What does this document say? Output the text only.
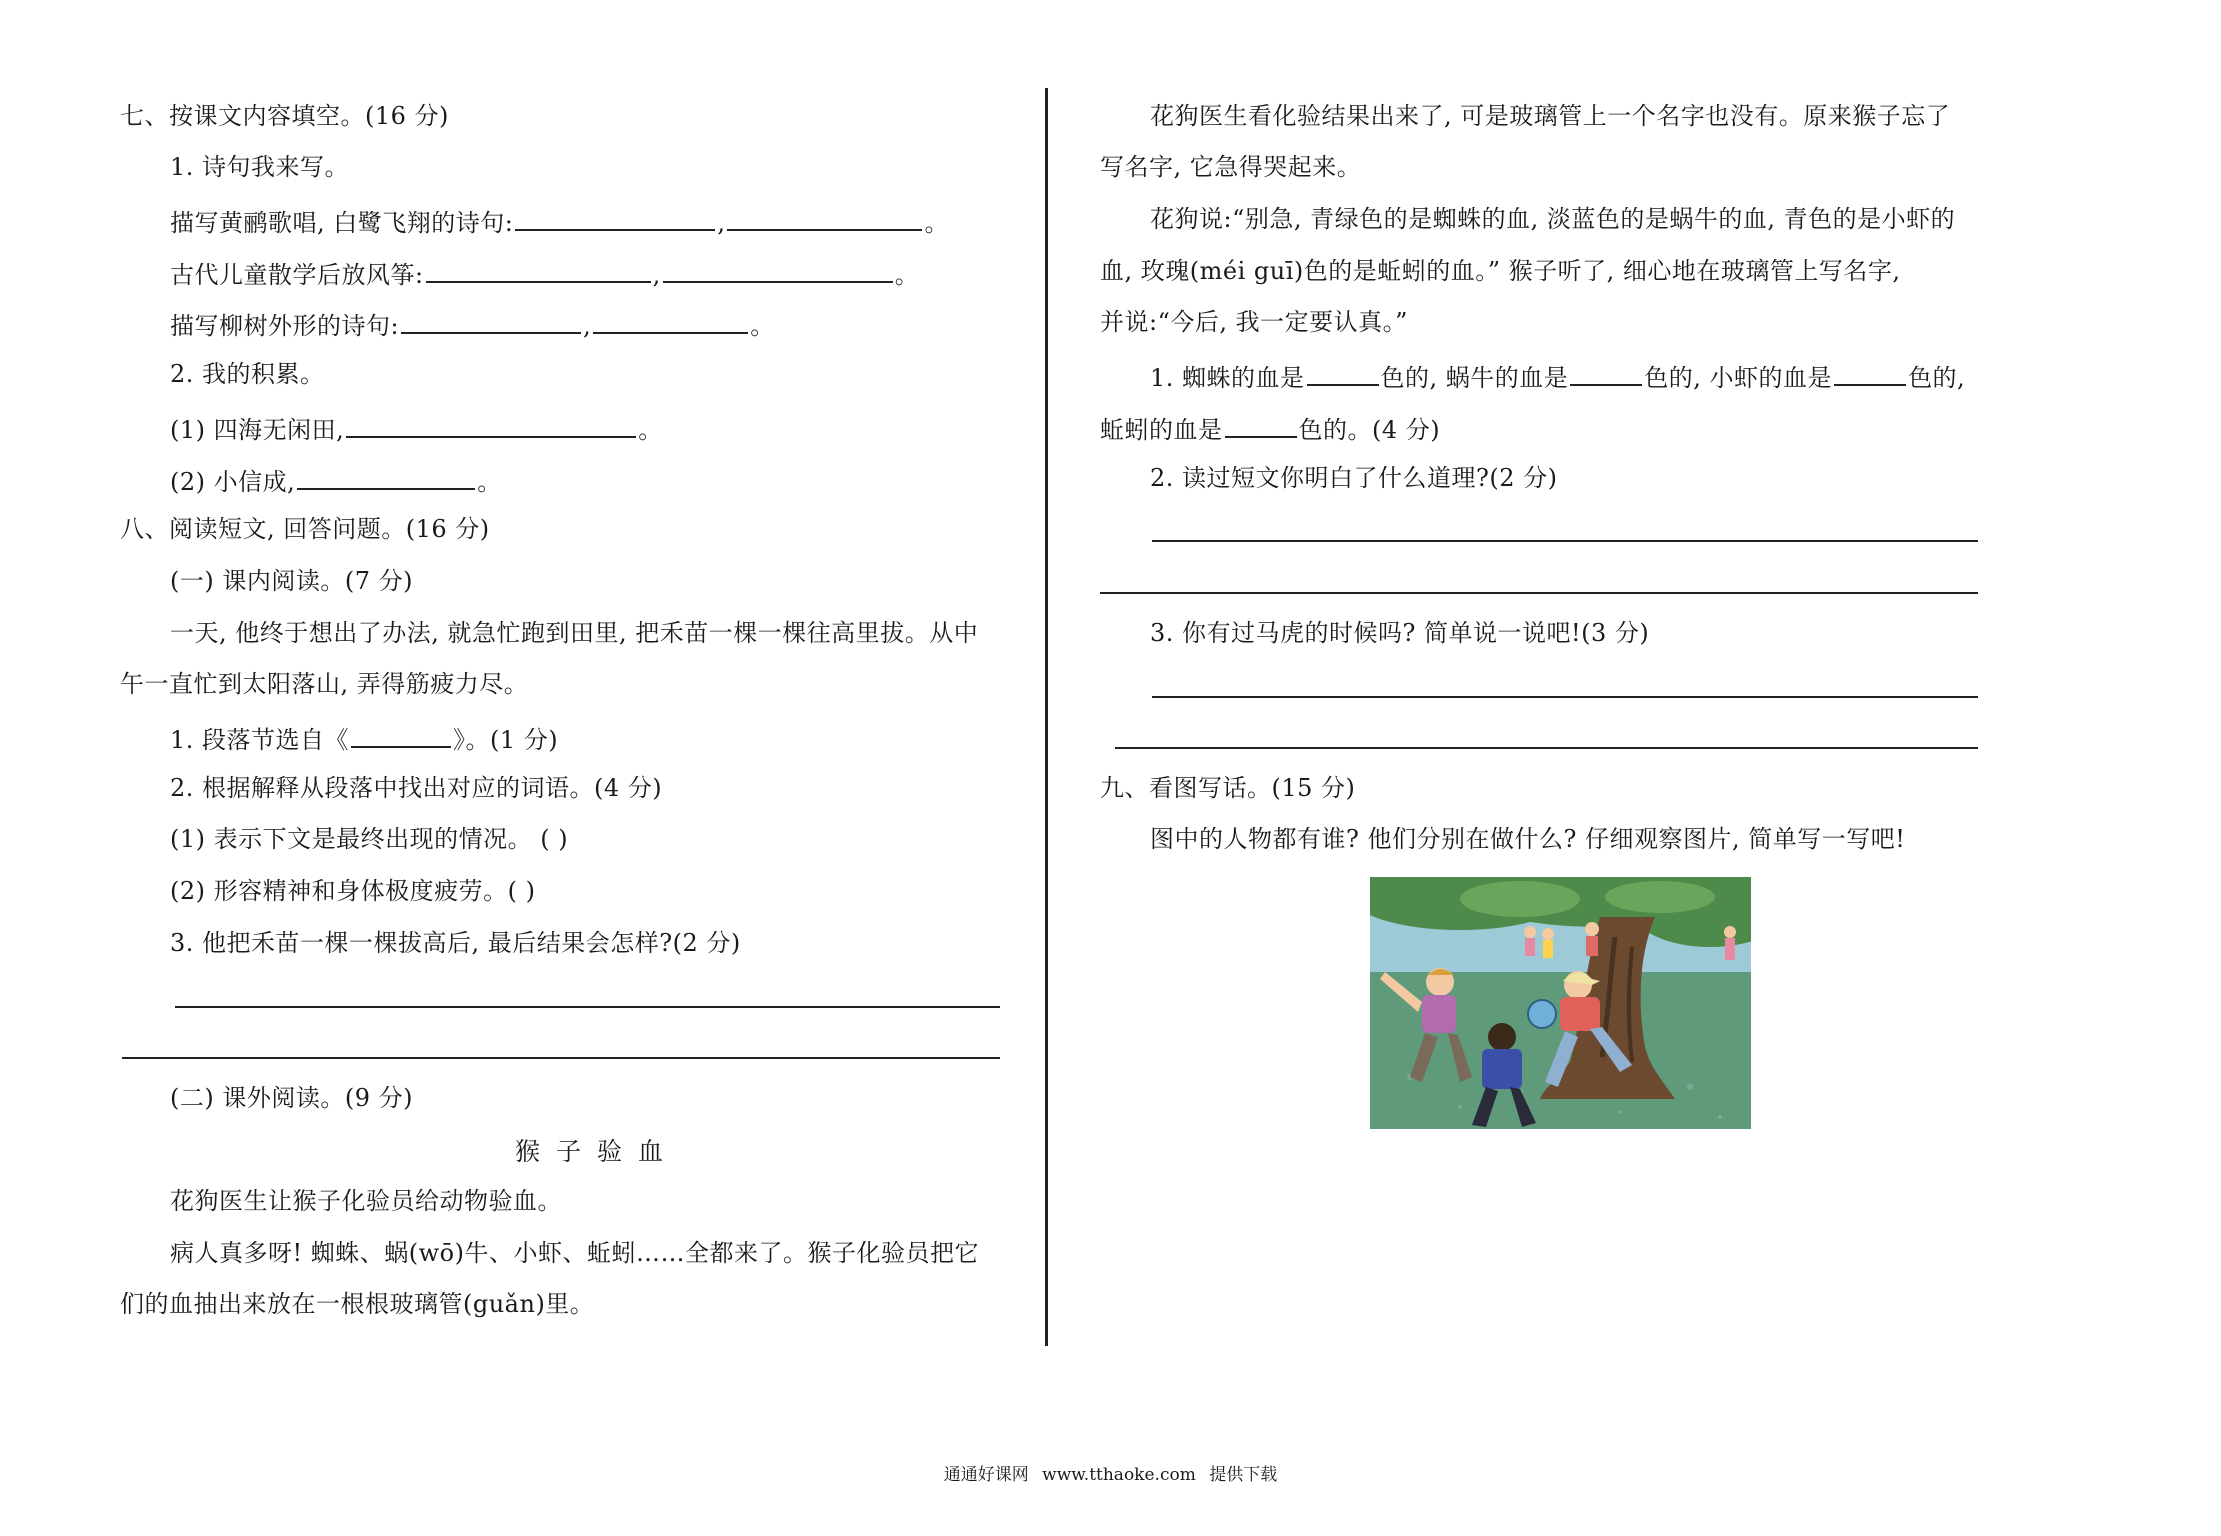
七、按课文内容填空。(16 分)
1. 诗句我来写。
描写黄鹂歌唱, 白鹭飞翔的诗句:	,	。
古代儿童散学后放风筝:	,	。
描写柳树外形的诗句:	,	。
2. 我的积累。
(1) 四海无闲田,	。
(2) 小信成,	。
八、阅读短文, 回答问题。(16 分)
(一) 课内阅读。(7 分)
一天, 他终于想出了办法, 就急忙跑到田里, 把禾苗一棵一棵往高里拔。从中
午一直忙到太阳落山, 弄得筋疲力尽。
1. 段落节选自《	》。(1 分)
2. 根据解释从段落中找出对应的词语。(4 分)
(1) 表示下文是最终出现的情况。 ( )
(2) 形容精神和身体极度疲劳。( )
3. 他把禾苗一棵一棵拔高后, 最后结果会怎样?(2 分)
(二) 课外阅读。(9 分)
猴子验血
花狗医生让猴子化验员给动物验血。
病人真多呀! 蜘蛛、蜗(wō)牛、小虾、蚯蚓……全都来了。猴子化验员把它
们的血抽出来放在一根根玻璃管(guǎn)里。
花狗医生看化验结果出来了, 可是玻璃管上一个名字也没有。原来猴子忘了
写名字, 它急得哭起来。
花狗说:“别急, 青绿色的是蜘蛛的血, 淡蓝色的是蜗牛的血, 青色的是小虾的
血, 玫瑰(méi guī)色的是蚯蚓的血。” 猴子听了, 细心地在玻璃管上写名字,
并说:“今后, 我一定要认真。”
1. 蜘蛛的血是	色的, 蜗牛的血是	色的, 小虾的血是	色的,
蚯蚓的血是	色的。(4 分)
2. 读过短文你明白了什么道理?(2 分)
3. 你有过马虎的时候吗? 简单说一说吧!(3 分)
九、看图写话。(15 分)
图中的人物都有谁? 他们分别在做什么? 仔细观察图片, 简单写一写吧!
通通好课网 www.tthaoke.com 提供下载
